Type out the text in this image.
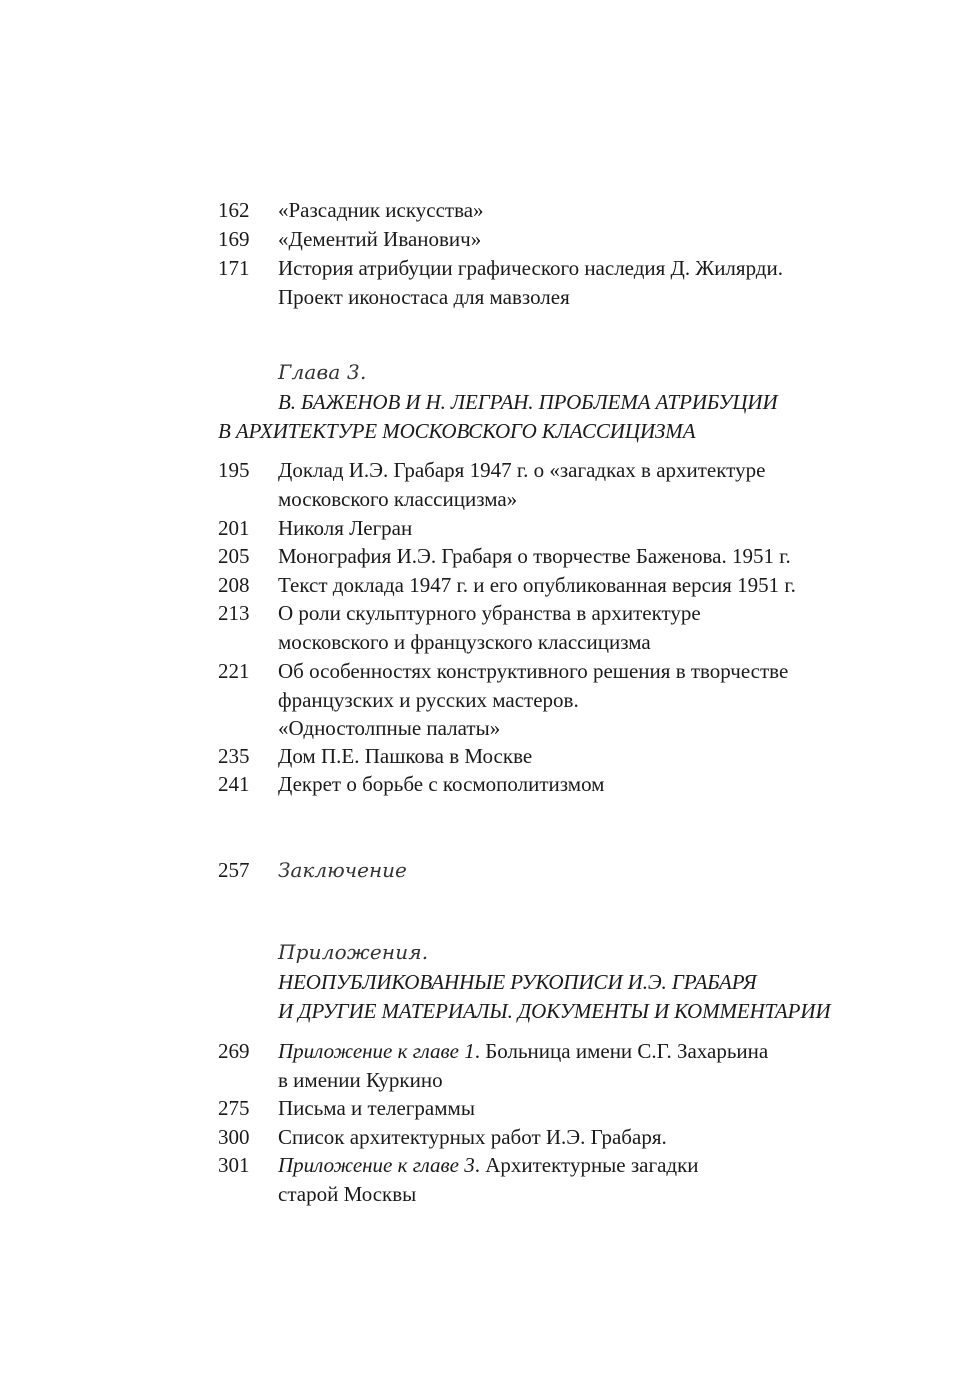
162	«Разсадник искусства»
169	«Дементий Иванович»
171	История атрибуции графического наследия Д. Жилярди.
Проект иконостаса для мавзолея
Глава 3.
В. БАЖЕНОВ И Н. ЛЕГРАН. ПРОБЛЕМА АТРИБУЦИИ
В АРХИТЕКТУРЕ МОСКОВСКОГО КЛАССИЦИЗМА
195	Доклад И.Э. Грабаря 1947 г. о «загадках в архитектуре
московского классицизма»
201	Николя Легран
205	Монография И.Э. Грабаря о творчестве Баженова. 1951 г.
208	Текст доклада 1947 г. и его опубликованная версия 1951 г.
213	О роли скульптурного убранства в архитектуре
московского и французского классицизма
221	Об особенностях конструктивного решения в творчестве
французских и русских мастеров.
«Одностолпные палаты»
235	Дом П.Е. Пашкова в Москве
241	Декрет о борьбе с космополитизмом
257	Заключение
Приложения.
НЕОПУБЛИКОВАННЫЕ РУКОПИСИ И.Э. ГРАБАРЯ
И ДРУГИЕ МАТЕРИАЛЫ. ДОКУМЕНТЫ И КОММЕНТАРИИ
269	Приложение к главе 1. Больница имени С.Г. Захарьина
в имении Куркино
275	Письма и телеграммы
300	Список архитектурных работ И.Э. Грабаря.
301	Приложение к главе 3. Архитектурные загадки
старой Москвы
